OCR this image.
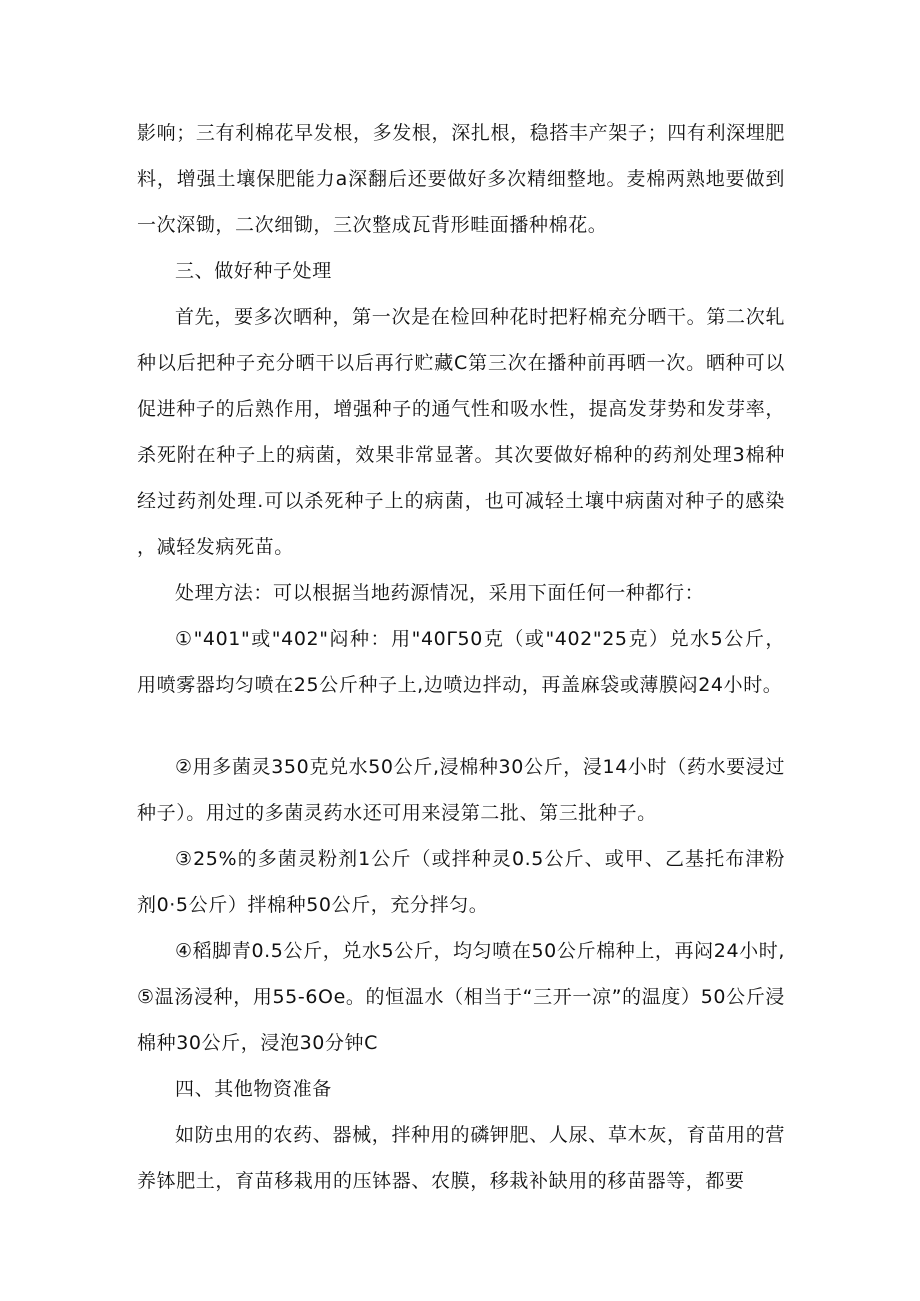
影响；三有利棉花早发根，多发根，深扎根，稳搭丰产架子；四有利深埋肥料，增强土壤保肥能力a深翻后还要做好多次精细整地。麦棉两熟地要做到一次深锄，二次细锄，三次整成瓦背形畦面播种棉花。

三、做好种子处理

首先，要多次晒种，第一次是在检回种花时把籽棉充分晒干。第二次轧种以后把种子充分晒干以后再行贮藏C第三次在播种前再晒一次。晒种可以促进种子的后熟作用，增强种子的通气性和吸水性，提高发芽势和发芽率，杀死附在种子上的病菌，效果非常显著。其次要做好棉种的药剂处理3棉种经过药剂处理.可以杀死种子上的病菌，也可减轻土壤中病菌对种子的感染，减轻发病死苗。

处理方法：可以根据当地药源情况，采用下面任何一种都行：

①"401"或"402"闷种：用"40Γ50克（或"402"25克）兑水5公斤，用喷雾器均匀喷在25公斤种子上,边喷边拌动，再盖麻袋或薄膜闷24小时。

②用多菌灵350克兑水50公斤,浸棉种30公斤，浸14小时（药水要浸过种子）。用过的多菌灵药水还可用来浸第二批、第三批种子。

③25%的多菌灵粉剂1公斤（或拌种灵0.5公斤、或甲、乙基托布津粉剂0·5公斤）拌棉种50公斤，充分拌匀。

④稻脚青0.5公斤，兑水5公斤，均匀喷在50公斤棉种上，再闷24小时,⑤温汤浸种，用55-6Oe。的恒温水（相当于“三开一凉”的温度）50公斤浸棉种30公斤，浸泡30分钟C

四、其他物资准备

如防虫用的农药、器械，拌种用的磷钾肥、人尿、草木灰，育苗用的营养钵肥土，育苗移栽用的压钵器、农膜，移栽补缺用的移苗器等，都要
